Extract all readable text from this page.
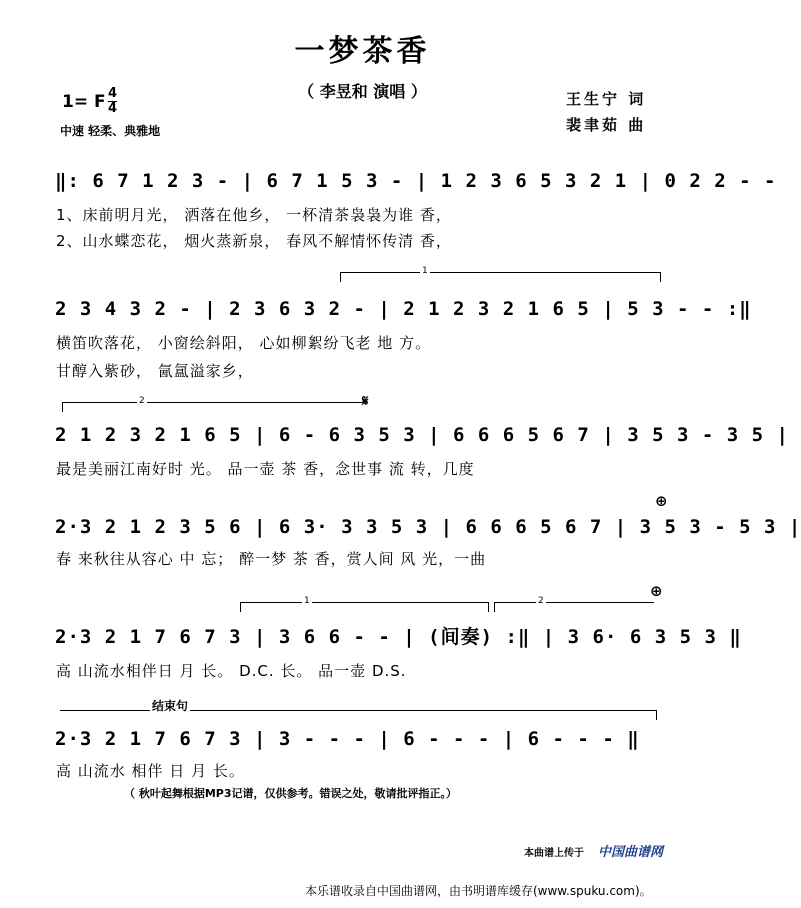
一梦茶香
（ 李昱和 演唱 ）
1= F 4
4
中速 轻柔、典雅地
王生宁 词
裴聿茹 曲
‖: 6 7 1 2 3 - | 6 7 1 5 3 - | 1 2 3 6 5 3 2 1 | 0 2 2 - -
1、床前明月光， 洒落在他乡， 一杯清茶袅袅为谁 香，
2、山水蝶恋花， 烟火蒸新泉， 春风不解情怀传清 香，
1
2 3 4 3 2 - | 2 3 6 3 2 - | 2 1 2 3 2 1 6 5 | 5 3 - - :‖
横笛吹落花， 小窗绘斜阳， 心如柳絮纷飞老 地 方。
甘醇入紫砂， 氤氲溢家乡，
2	𝄋
2 1 2 3 2 1 6 5 | 6 - 6 3 5 3 | 6 6 6 5 6 7 | 3 5 3 - 3 5 |
最是美丽江南好时 光。 品一壶 茶 香，念世事 流 转，几度
⊕
2·3 2 1 2 3 5 6 | 6 3· 3 3 5 3 | 6 6 6 5 6 7 | 3 5 3 - 5 3 |
春 来秋往从容心 中 忘； 醉一梦 茶 香，赏人间 风 光，一曲
1	2
⊕
2·3 2 1 7 6 7 3 | 3 6 6 - - | (间奏) :‖ | 3 6· 6 3 5 3 ‖
高 山流水相伴日 月 长。 D.C. 长。 品一壶 D.S.
结束句
2·3 2 1 7 6 7 3 | 3 - - - | 6 - - - | 6 - - - ‖
高 山流水 相伴 日 月 长。
（ 秋叶起舞根据MP3记谱，仅供参考。错误之处，敬请批评指正。）
本曲谱上传于 中国曲谱网
本乐谱收录自中国曲谱网，由书明谱库缓存(www.spuku.com)。
